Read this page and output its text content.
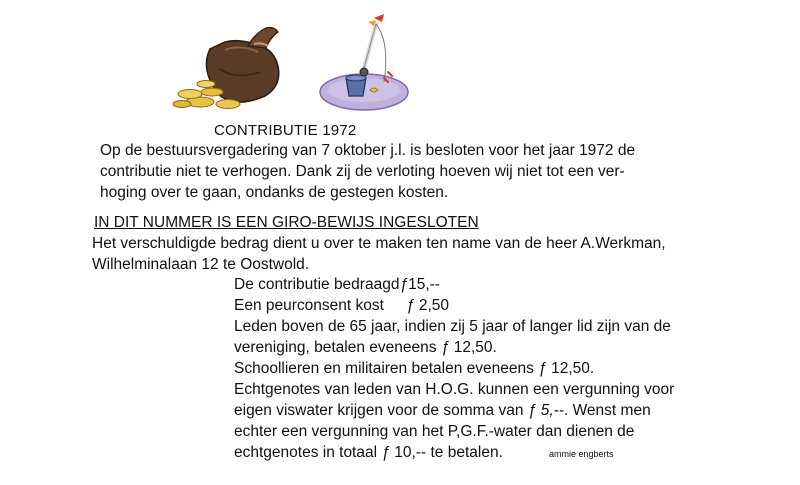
CONTRIBUTIE 1972
Op de bestuursvergadering van 7 oktober j.l. is besloten voor het jaar 1972 de
contributie niet te verhogen. Dank zij de verloting hoeven wij niet tot een ver-
hoging over te gaan, ondanks de gestegen kosten.
IN DIT NUMMER IS EEN GIRO-BEWIJS INGESLOTEN
Het verschuldigde bedrag dient u over te maken ten name van de heer A.Werkman,
Wilhelminalaan 12 te Oostwold.
De contributie bedraagdƒ15,--
Een peurconsent kost ƒ 2,50
Leden boven de 65 jaar, indien zij 5 jaar of langer lid zijn van de
vereniging, betalen eveneens ƒ 12,50.
Schoollieren en militairen betalen eveneens ƒ 12,50.
Echtgenotes van leden van H.O.G. kunnen een vergunning voor
eigen viswater krijgen voor de somma van ƒ 5,--. Wenst men
echter een vergunning van het P,G.F.-water dan dienen de
echtgenotes in totaal ƒ 10,-- te betalen.	ammie engberts
